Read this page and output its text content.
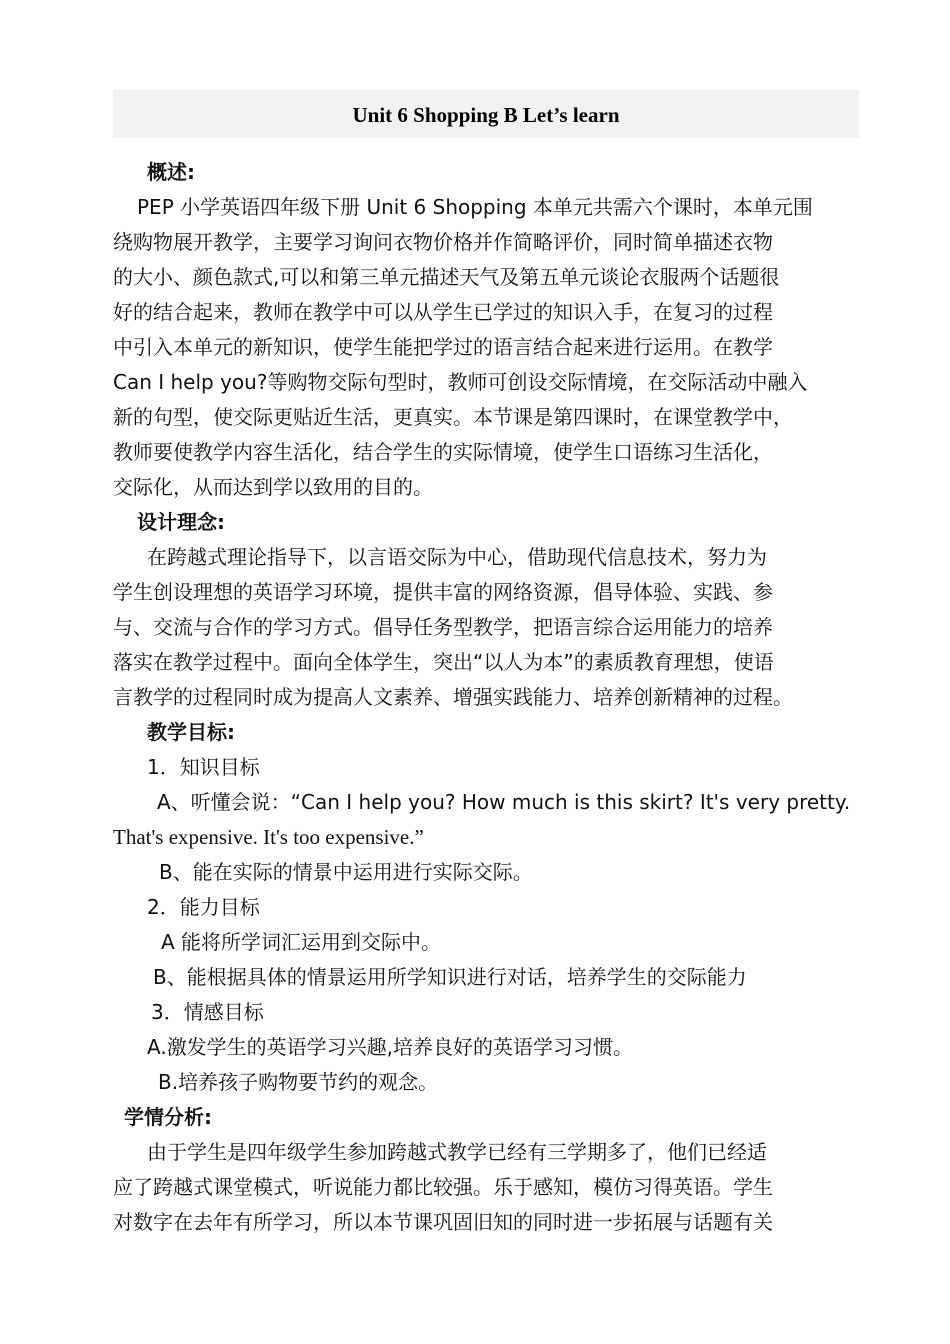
Unit 6 Shopping B Let’s learn
概述:
PEP 小学英语四年级下册 Unit 6 Shopping 本单元共需六个课时，本单元围
绕购物展开教学，主要学习询问衣物价格并作简略评价，同时简单描述衣物
的大小、颜色款式,可以和第三单元描述天气及第五单元谈论衣服两个话题很
好的结合起来，教师在教学中可以从学生已学过的知识入手，在复习的过程
中引入本单元的新知识，使学生能把学过的语言结合起来进行运用。在教学
Can I help you?等购物交际句型时，教师可创设交际情境，在交际活动中融入
新的句型，使交际更贴近生活，更真实。本节课是第四课时，在课堂教学中，
教师要使教学内容生活化，结合学生的实际情境，使学生口语练习生活化，
交际化，从而达到学以致用的目的。
设计理念:
在跨越式理论指导下，以言语交际为中心，借助现代信息技术，努力为
学生创设理想的英语学习环境，提供丰富的网络资源，倡导体验、实践、参
与、交流与合作的学习方式。倡导任务型教学，把语言综合运用能力的培养
落实在教学过程中。面向全体学生，突出“以人为本”的素质教育理想，使语
言教学的过程同时成为提高人文素养、增强实践能力、培养创新精神的过程。
教学目标:
1．知识目标
A、听懂会说：“Can I help you? How much is this skirt? It's very pretty.
That's expensive. It's too expensive.”
B、能在实际的情景中运用进行实际交际。
2．能力目标
A 能将所学词汇运用到交际中。
B、能根据具体的情景运用所学知识进行对话，培养学生的交际能力
3．情感目标
A.激发学生的英语学习兴趣,培养良好的英语学习习惯。
B.培养孩子购物要节约的观念。
学情分析:
由于学生是四年级学生参加跨越式教学已经有三学期多了，他们已经适
应了跨越式课堂模式，听说能力都比较强。乐于感知，模仿习得英语。学生
对数字在去年有所学习，所以本节课巩固旧知的同时进一步拓展与话题有关
